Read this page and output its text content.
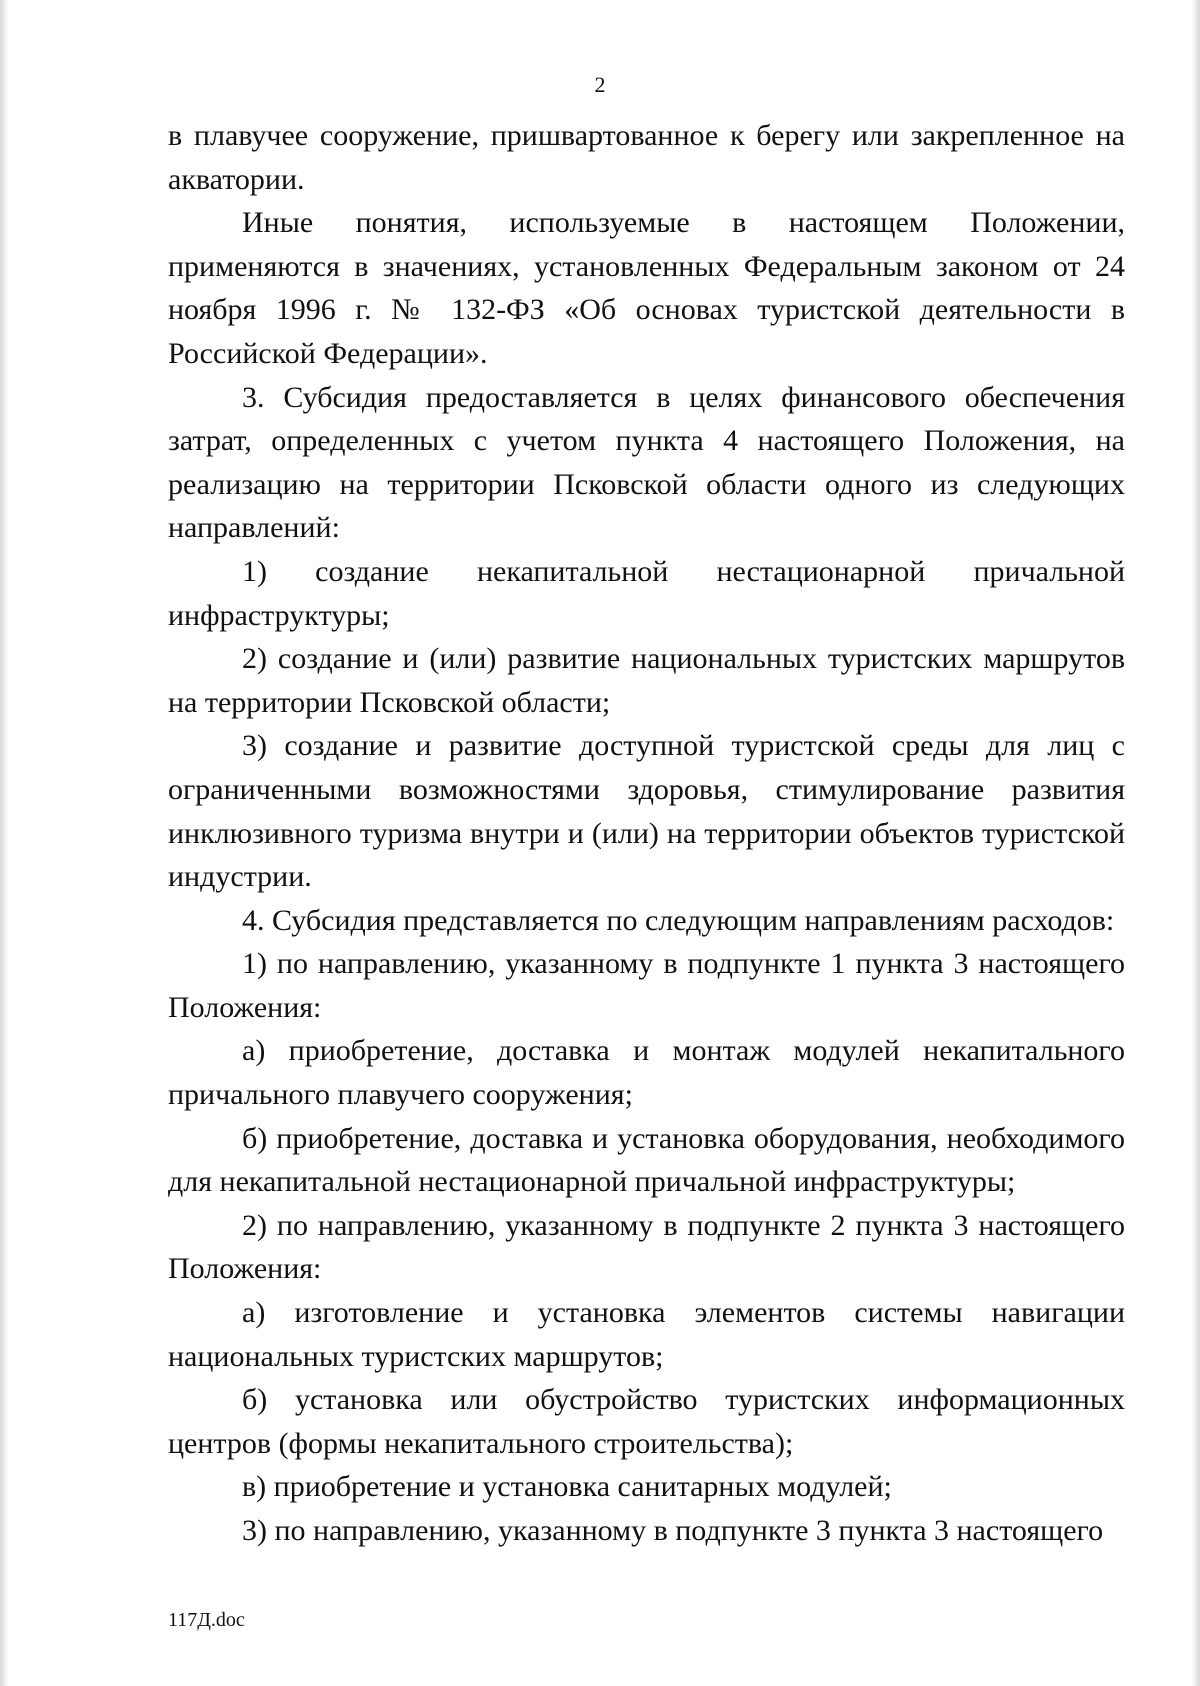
2

в плавучее сооружение, пришвартованное к берегу или закрепленное на акватории.

Иные понятия, используемые в настоящем Положении, применяются в значениях, установленных Федеральным законом от 24 ноября 1996 г. № 132-ФЗ «Об основах туристской деятельности в Российской Федерации».

3. Субсидия предоставляется в целях финансового обеспечения затрат, определенных с учетом пункта 4 настоящего Положения, на реализацию на территории Псковской области одного из следующих направлений:

1) создание некапитальной нестационарной причальной инфраструктуры;

2) создание и (или) развитие национальных туристских маршрутов на территории Псковской области;

3) создание и развитие доступной туристской среды для лиц с ограниченными возможностями здоровья, стимулирование развития инклюзивного туризма внутри и (или) на территории объектов туристской индустрии.

4. Субсидия представляется по следующим направлениям расходов:

1) по направлению, указанному в подпункте 1 пункта 3 настоящего Положения:

а) приобретение, доставка и монтаж модулей некапитального причального плавучего сооружения;

б) приобретение, доставка и установка оборудования, необходимого для некапитальной нестационарной причальной инфраструктуры;

2) по направлению, указанному в подпункте 2 пункта 3 настоящего Положения:

а) изготовление и установка элементов системы навигации национальных туристских маршрутов;

б) установка или обустройство туристских информационных центров (формы некапитального строительства);

в) приобретение и установка санитарных модулей;

3) по направлению, указанному в подпункте 3 пункта 3 настоящего

117Д.doc
